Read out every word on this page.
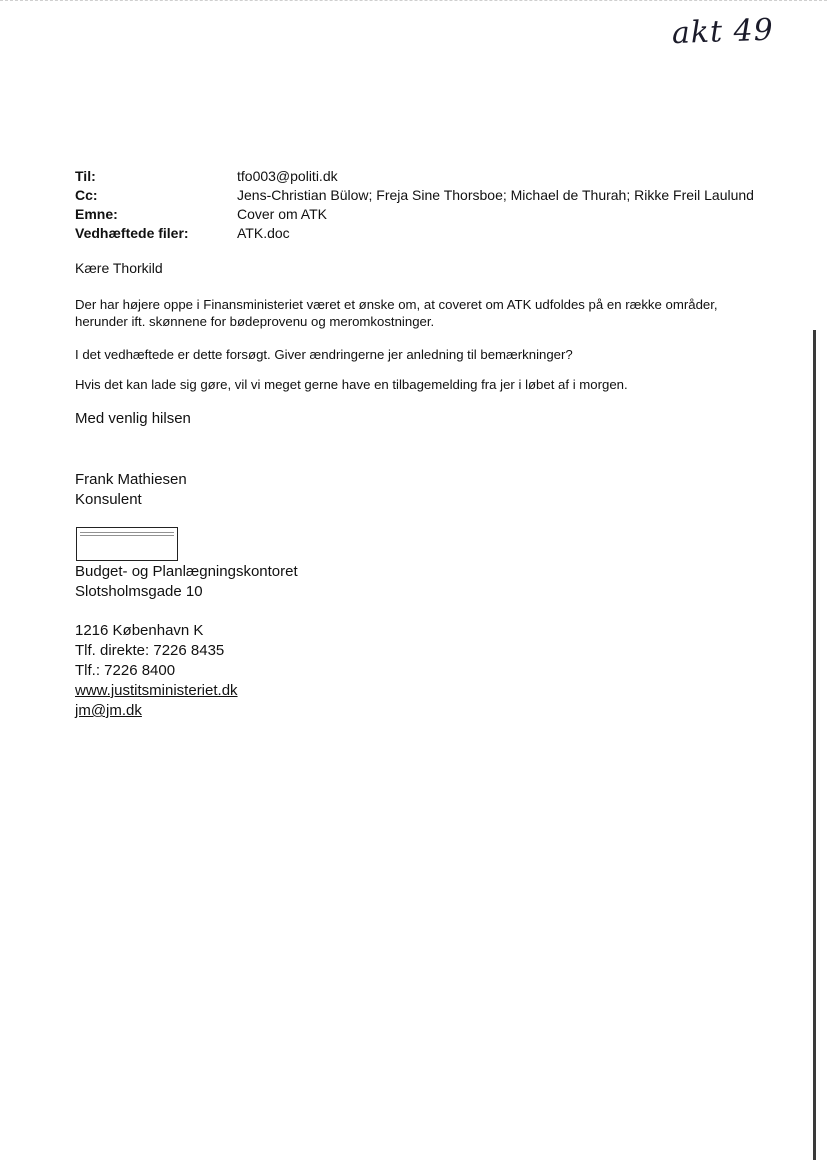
akt 49
Til:	tfo003@politi.dk
Cc:	Jens-Christian Bülow; Freja Sine Thorsboe; Michael de Thurah; Rikke Freil Laulund
Emne:	Cover om ATK
Vedhæftede filer:	ATK.doc
Kære Thorkild
Der har højere oppe i Finansministeriet været et ønske om, at coveret om ATK udfoldes på en række områder,
herunder ift. skønnene for bødeprovenu og meromkostninger.
I det vedhæftede er dette forsøgt. Giver ændringerne jer anledning til bemærkninger?
Hvis det kan lade sig gøre, vil vi meget gerne have en tilbagemelding fra jer i løbet af i morgen.
Med venlig hilsen
Frank Mathiesen
Konsulent
Budget- og Planlægningskontoret
Slotsholmsgade 10
1216 København K
Tlf. direkte: 7226 8435
Tlf.: 7226 8400
www.justitsministeriet.dk
jm@jm.dk
